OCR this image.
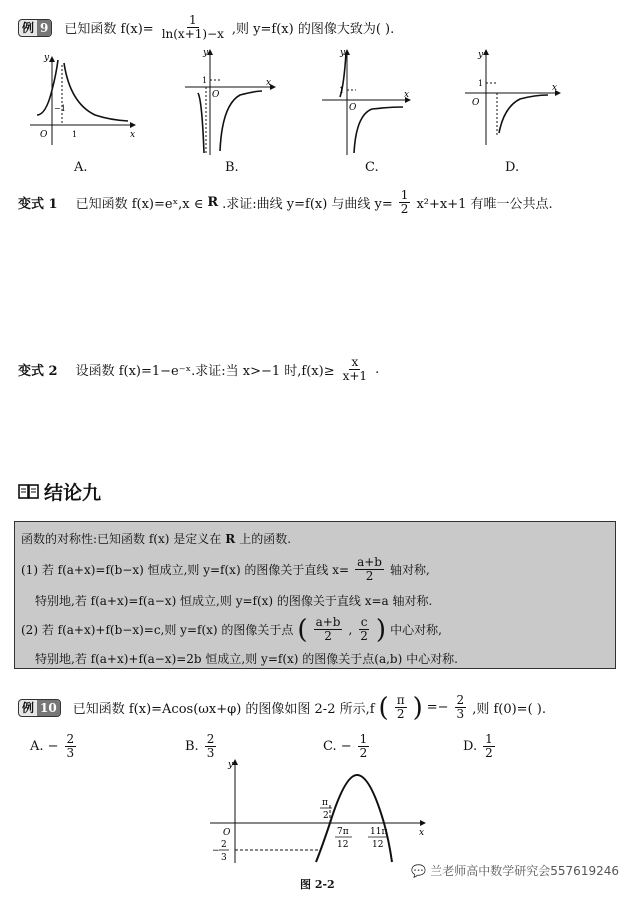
例 9 已知函数 $f(x)= \frac{1}{\ln(x+1)-x}$ ,则 y=f(x) 的图像大致为( ).
y
x
O
−1
1
y
x
O
1
y
x
O
1
y
x
O
1
A.	B.	C.	D.
变式 1 已知函数 f(x)=eˣ,x ∈ R .求证:曲线 y=f(x) 与曲线 $y= \frac{1}{2} x^2+x+1$ 有唯一公共点.
变式 2 设函数 f(x)=1−e⁻ˣ.求证:当 x>−1 时$,f(x)\ge \frac{x}{x+1}$ .
结论九
函数的对称性:已知函数 f(x) 是定义在 R 上的函数.
(1) 若 f(a+x)=f(b−x) 恒成立,则 y=f(x) 的图像关于直线 $x= \frac{a+b}{2}$ 轴对称,
特别地,若 f(a+x)=f(a−x) 恒成立,则 y=f(x) 的图像关于直线 x=a 轴对称.
(2) 若 f(a+x)+f(b−x)=c,则 y=f(x) 的图像关于点 ( $\frac{a+b}{2}$ , $\frac{c}{2}$ ) 中心对称,
特别地,若 f(a+x)+f(a−x)=2b 恒成立,则 y=f(x) 的图像关于点(a,b) 中心对称.
例 10 已知函数 f(x)=Acos(ωx+φ) 的图像如图 2-2 所示,f ( $\frac{\pi}{2}$ ) =− $\frac{2}{3}$ ,则 f(0)=( ).
A. − $\frac{2}{3}$	B. $\frac{2}{3}$	C. − $\frac{1}{2}$	D. $\frac{1}{2}$
y
x
O
π
2
7π
12
11π
12
−
2
3
图 2-2
💬 兰老师高中数学研究会557619246
